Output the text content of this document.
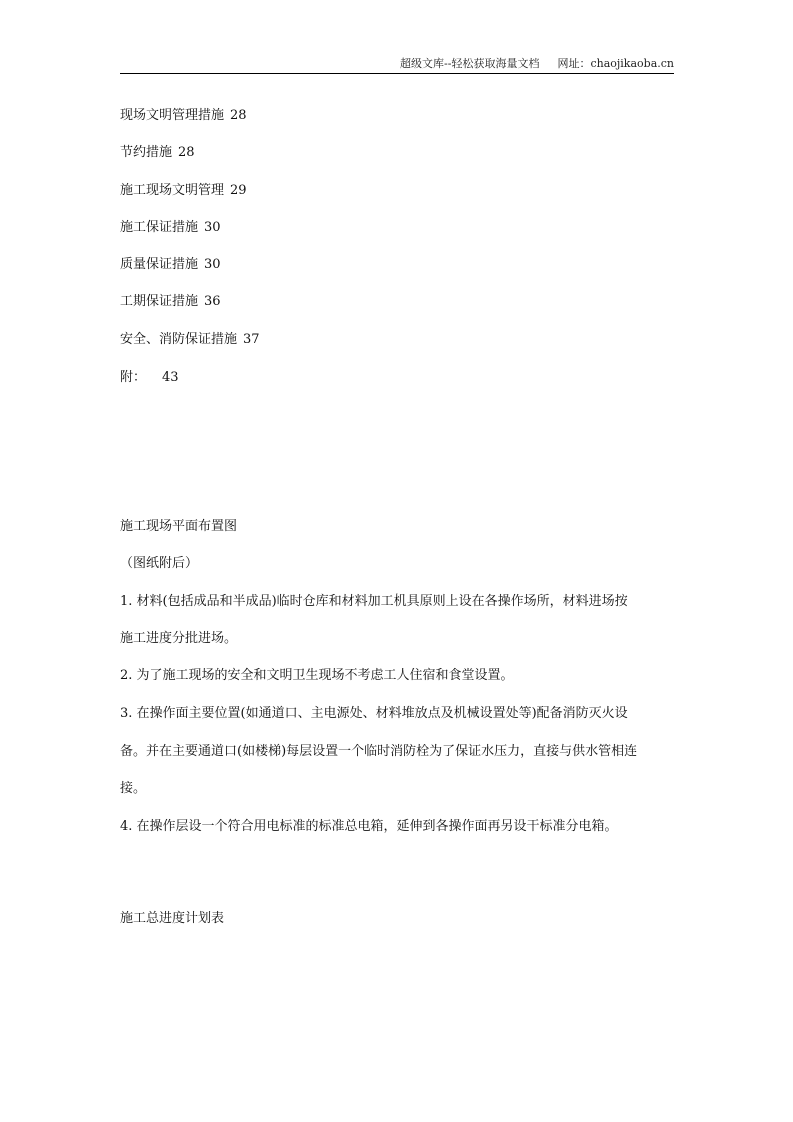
超级文库--轻松获取海量文档 网址：chaojikaoba.cn
现场文明管理措施 28
节约措施 28
施工现场文明管理 29
施工保证措施 30
质量保证措施 30
工期保证措施 36
安全、消防保证措施 37
附： 43
施工现场平面布置图
（图纸附后）
1. 材料(包括成品和半成品)临时仓库和材料加工机具原则上设在各操作场所，材料进场按
施工进度分批进场。
2. 为了施工现场的安全和文明卫生现场不考虑工人住宿和食堂设置。
3. 在操作面主要位置(如通道口、主电源处、材料堆放点及机械设置处等)配备消防灭火设
备。并在主要通道口(如楼梯)每层设置一个临时消防栓为了保证水压力，直接与供水管相连
接。
4. 在操作层设一个符合用电标准的标准总电箱，延伸到各操作面再另设干标准分电箱。
施工总进度计划表
